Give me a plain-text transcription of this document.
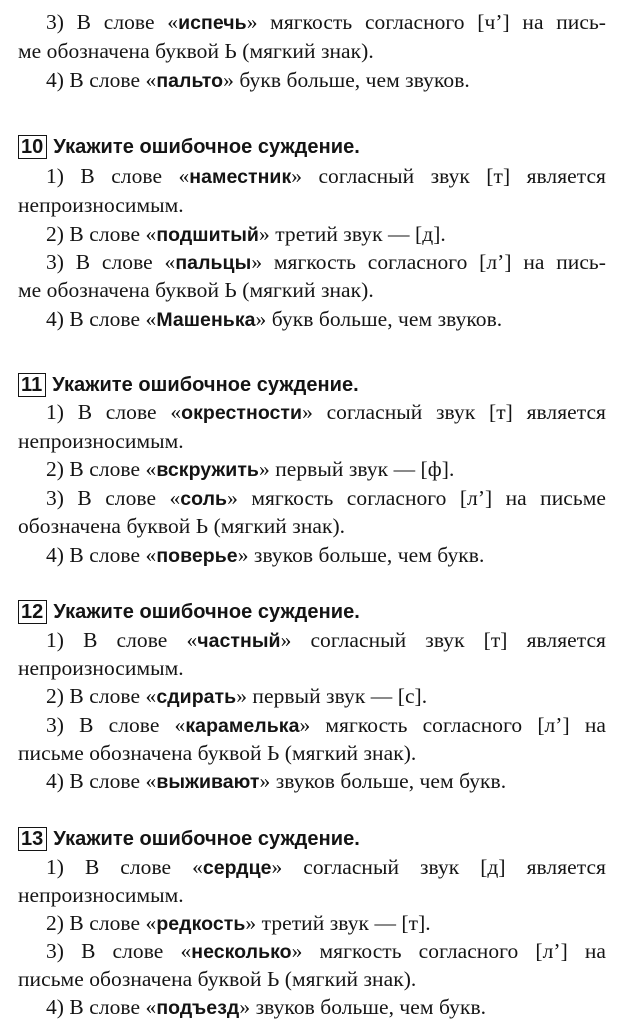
3) В слове «испечь» мягкость согласного [ч’] на пись-
ме обозначена буквой Ь (мягкий знак).
4) В слове «пальто» букв больше, чем звуков.
10 Укажите ошибочное суждение.
1) В слове «наместник» согласный звук [т] является
непроизносимым.
2) В слове «подшитый» третий звук — [д].
3) В слове «пальцы» мягкость согласного [л’] на пись-
ме обозначена буквой Ь (мягкий знак).
4) В слове «Машенька» букв больше, чем звуков.
11 Укажите ошибочное суждение.
1) В слове «окрестности» согласный звук [т] является
непроизносимым.
2) В слове «вскружить» первый звук — [ф].
3) В слове «соль» мягкость согласного [л’] на письме
обозначена буквой Ь (мягкий знак).
4) В слове «поверье» звуков больше, чем букв.
12 Укажите ошибочное суждение.
1) В слове «частный» согласный звук [т] является
непроизносимым.
2) В слове «сдирать» первый звук — [с].
3) В слове «карамелька» мягкость согласного [л’] на
письме обозначена буквой Ь (мягкий знак).
4) В слове «выживают» звуков больше, чем букв.
13 Укажите ошибочное суждение.
1) В слове «сердце» согласный звук [д] является
непроизносимым.
2) В слове «редкость» третий звук — [т].
3) В слове «несколько» мягкость согласного [л’] на
письме обозначена буквой Ь (мягкий знак).
4) В слове «подъезд» звуков больше, чем букв.
